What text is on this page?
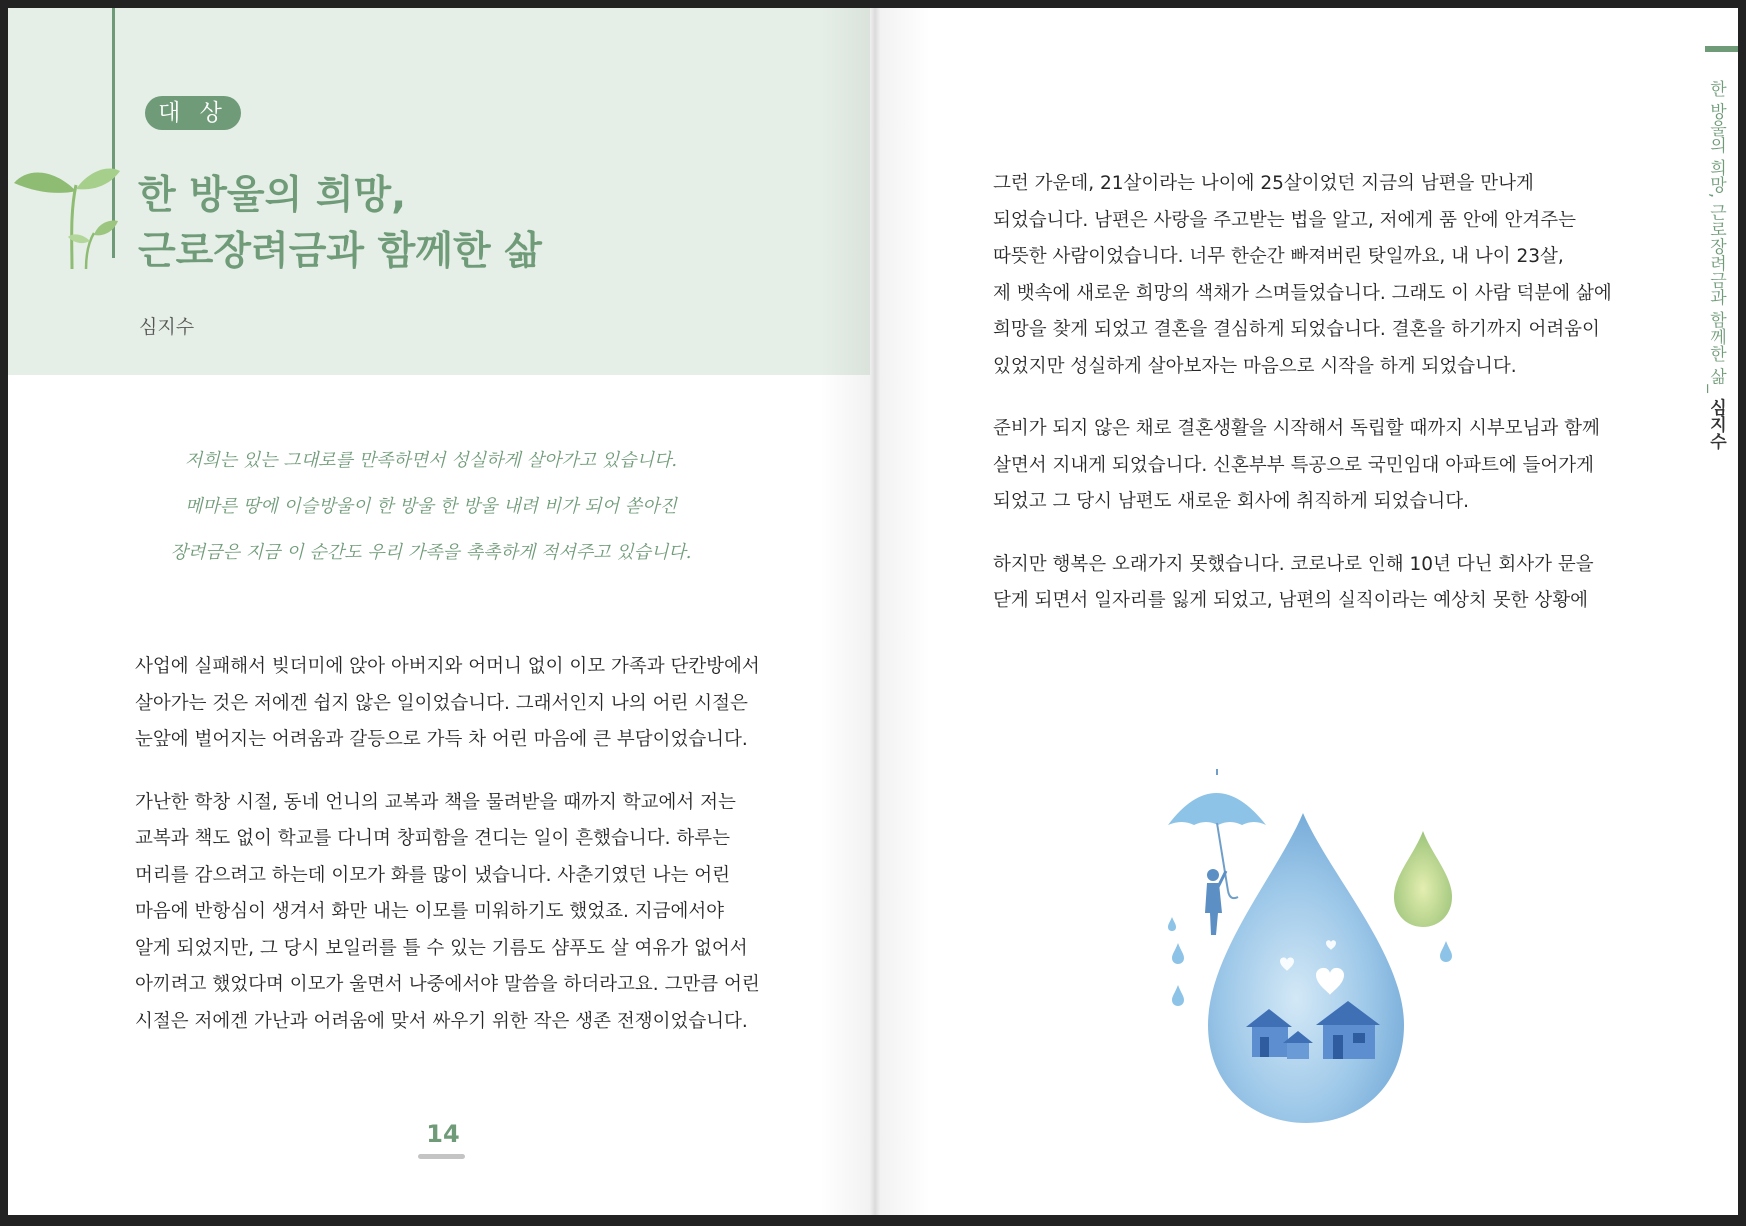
대 상
한 방울의 희망,
근로장려금과 함께한 삶
심지수
저희는 있는 그대로를 만족하면서 성실하게 살아가고 있습니다.
메마른 땅에 이슬방울이 한 방울 한 방울 내려 비가 되어 쏟아진
장려금은 지금 이 순간도 우리 가족을 촉촉하게 적셔주고 있습니다.

사업에 실패해서 빚더미에 앉아 아버지와 어머니 없이 이모 가족과 단칸방에서
살아가는 것은 저에겐 쉽지 않은 일이었습니다. 그래서인지 나의 어린 시절은
눈앞에 벌어지는 어려움과 갈등으로 가득 차 어린 마음에 큰 부담이었습니다.

가난한 학창 시절, 동네 언니의 교복과 책을 물려받을 때까지 학교에서 저는
교복과 책도 없이 학교를 다니며 창피함을 견디는 일이 흔했습니다. 하루는
머리를 감으려고 하는데 이모가 화를 많이 냈습니다. 사춘기였던 나는 어린
마음에 반항심이 생겨서 화만 내는 이모를 미워하기도 했었죠. 지금에서야
알게 되었지만, 그 당시 보일러를 틀 수 있는 기름도 샴푸도 살 여유가 없어서
아끼려고 했었다며 이모가 울면서 나중에서야 말씀을 하더라고요. 그만큼 어린
시절은 저에겐 가난과 어려움에 맞서 싸우기 위한 작은 생존 전쟁이었습니다.

14
한 방울의 희망, 근로장려금과 함께한 삶_ 심지수

그런 가운데, 21살이라는 나이에 25살이었던 지금의 남편을 만나게
되었습니다. 남편은 사랑을 주고받는 법을 알고, 저에게 품 안에 안겨주는
따뜻한 사람이었습니다. 너무 한순간 빠져버린 탓일까요, 내 나이 23살,
제 뱃속에 새로운 희망의 색채가 스며들었습니다. 그래도 이 사람 덕분에 삶에
희망을 찾게 되었고 결혼을 결심하게 되었습니다. 결혼을 하기까지 어려움이
있었지만 성실하게 살아보자는 마음으로 시작을 하게 되었습니다.

준비가 되지 않은 채로 결혼생활을 시작해서 독립할 때까지 시부모님과 함께
살면서 지내게 되었습니다. 신혼부부 특공으로 국민임대 아파트에 들어가게
되었고 그 당시 남편도 새로운 회사에 취직하게 되었습니다.

하지만 행복은 오래가지 못했습니다. 코로나로 인해 10년 다닌 회사가 문을
닫게 되면서 일자리를 잃게 되었고, 남편의 실직이라는 예상치 못한 상황에
